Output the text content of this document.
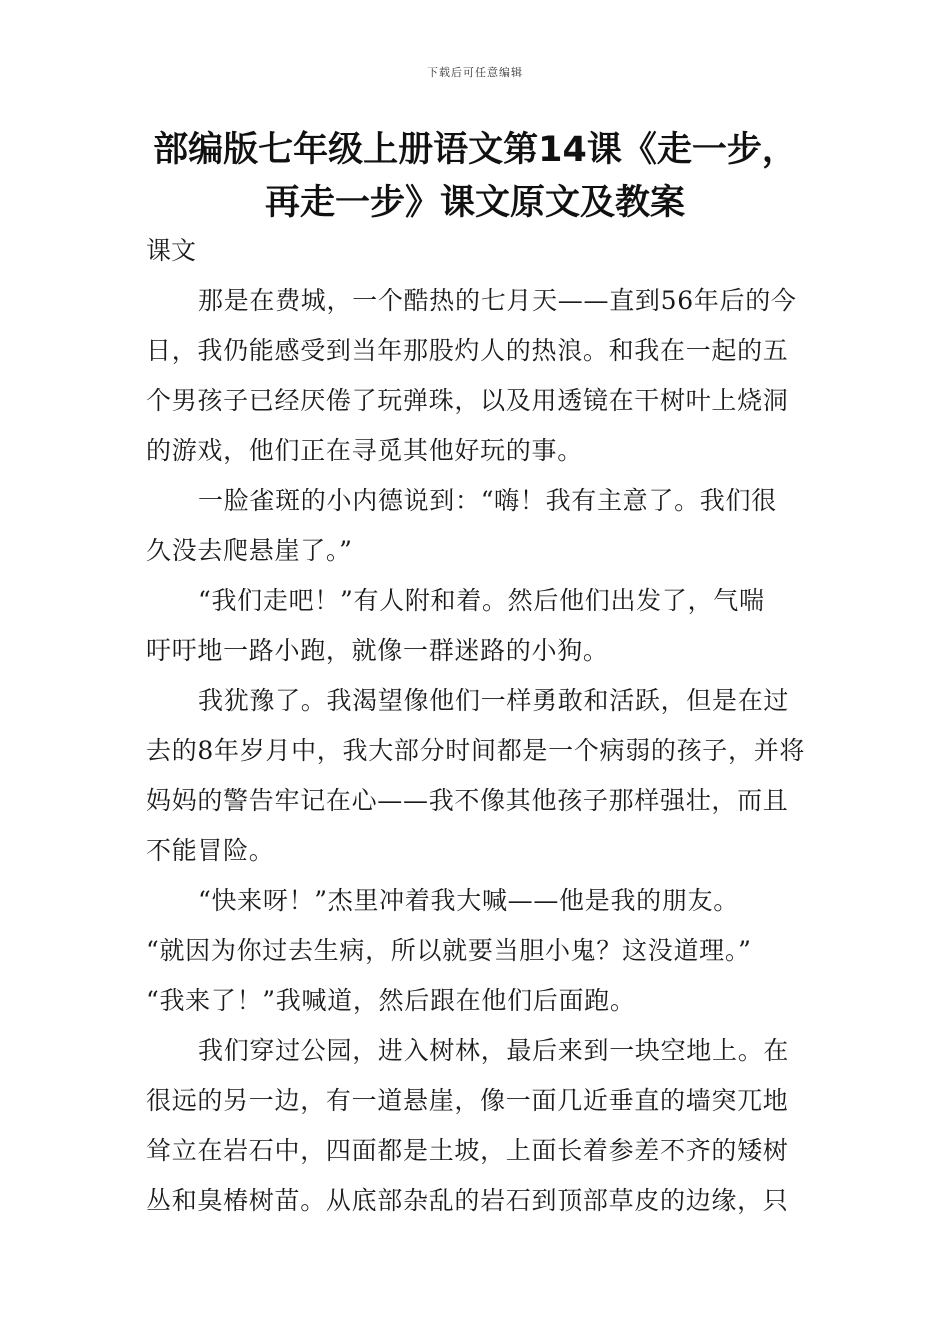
下载后可任意编辑
部编版七年级上册语文第14课《走一步，
再走一步》课文原文及教案

课文

那是在费城，一个酷热的七月天——直到56年后的今

日，我仍能感受到当年那股灼人的热浪。和我在一起的五

个男孩子已经厌倦了玩弹珠，以及用透镜在干树叶上烧洞

的游戏，他们正在寻觅其他好玩的事。

一脸雀斑的小内德说到：“嗨！我有主意了。我们很

久没去爬悬崖了。”

“我们走吧！”有人附和着。然后他们出发了，气喘

吁吁地一路小跑，就像一群迷路的小狗。

我犹豫了。我渴望像他们一样勇敢和活跃，但是在过

去的8年岁月中，我大部分时间都是一个病弱的孩子，并将

妈妈的警告牢记在心——我不像其他孩子那样强壮，而且

不能冒险。

“快来呀！”杰里冲着我大喊——他是我的朋友。

“就因为你过去生病，所以就要当胆小鬼？这没道理。”

“我来了！”我喊道，然后跟在他们后面跑。

我们穿过公园，进入树林，最后来到一块空地上。在

很远的另一边，有一道悬崖，像一面几近垂直的墙突兀地

耸立在岩石中，四面都是土坡，上面长着参差不齐的矮树

丛和臭椿树苗。从底部杂乱的岩石到顶部草皮的边缘，只
